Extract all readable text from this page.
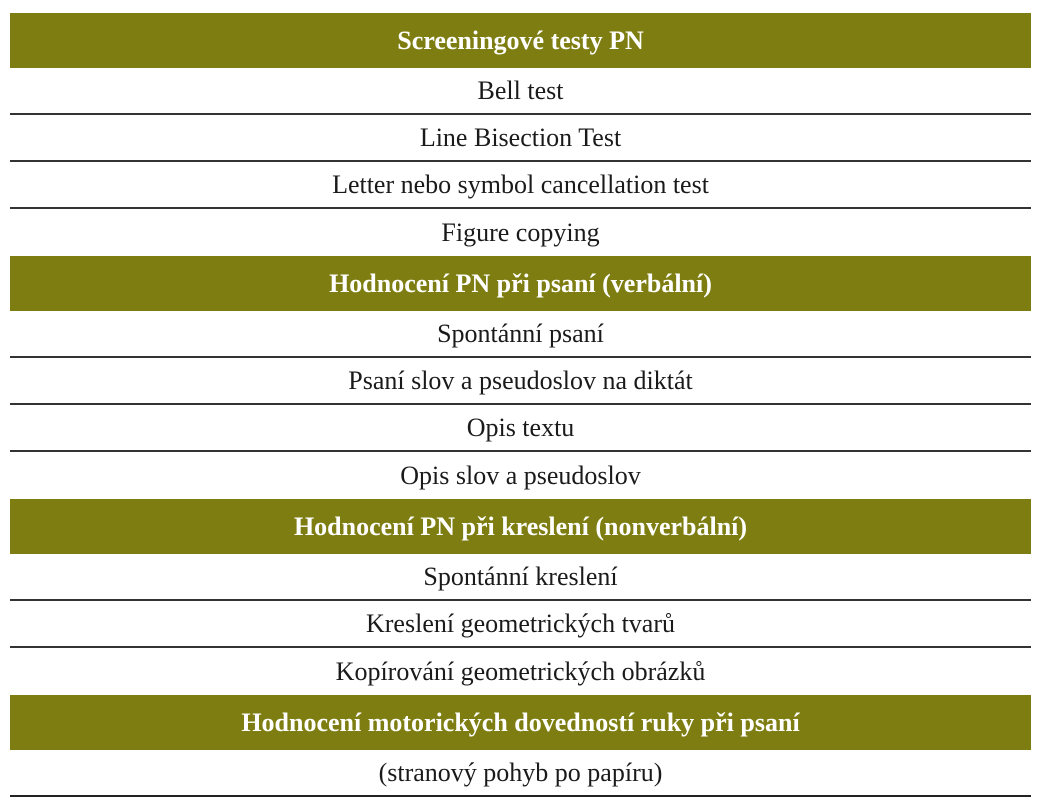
Screeningové testy PN
Bell test
Line Bisection Test
Letter nebo symbol cancellation test
Figure copying
Hodnocení PN při psaní (verbální)
Spontánní psaní
Psaní slov a pseudoslov na diktát
Opis textu
Opis slov a pseudoslov
Hodnocení PN při kreslení (nonverbální)
Spontánní kreslení
Kreslení geometrických tvarů
Kopírování geometrických obrázků
Hodnocení motorických dovedností ruky při psaní
(stranový pohyb po papíru)
